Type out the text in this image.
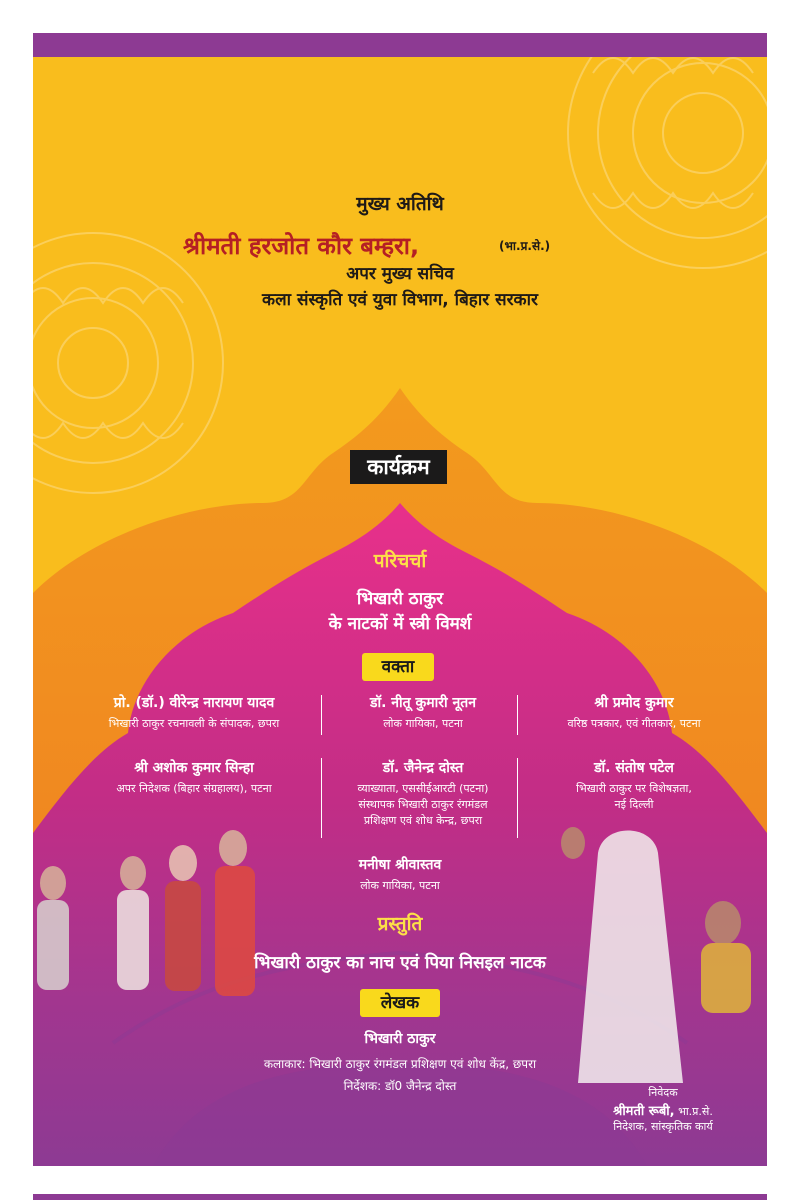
मुख्य अतिथि
श्रीमती हरजोत कौर बम्हरा,	(भा.प्र.से.)
अपर मुख्य सचिव
कला संस्कृति एवं युवा विभाग, बिहार सरकार
कार्यक्रम
परिचर्चा
भिखारी ठाकुर
के नाटकों में स्त्री विमर्श
वक्ता
प्रो. (डॉ.) वीरेन्द्र नारायण यादव
भिखारी ठाकुर रचनावली के संपादक, छपरा
डॉ. नीतू कुमारी नूतन
लोक गायिका, पटना
श्री प्रमोद कुमार
वरिष्ठ पत्रकार, एवं गीतकार, पटना
श्री अशोक कुमार सिन्हा
अपर निदेशक (बिहार संग्रहालय), पटना
डॉ. जैनेन्द्र दोस्त
व्याख्याता, एससीईआरटी (पटना)
संस्थापक भिखारी ठाकुर रंगमंडल
प्रशिक्षण एवं शोध केन्द्र, छपरा
डॉ. संतोष पटेल
भिखारी ठाकुर पर विशेषज्ञता,
नई दिल्ली
मनीषा श्रीवास्तव
लोक गायिका, पटना
प्रस्तुति
भिखारी ठाकुर का नाच एवं पिया निसइल नाटक
लेखक
भिखारी ठाकुर
कलाकार: भिखारी ठाकुर रंगमंडल प्रशिक्षण एवं शोध केंद्र, छपरा
निर्देशक: डॉ0 जैनेन्द्र दोस्त	निवेदक
श्रीमती रूबी, भा.प्र.से.
निदेशक, सांस्कृतिक कार्य
